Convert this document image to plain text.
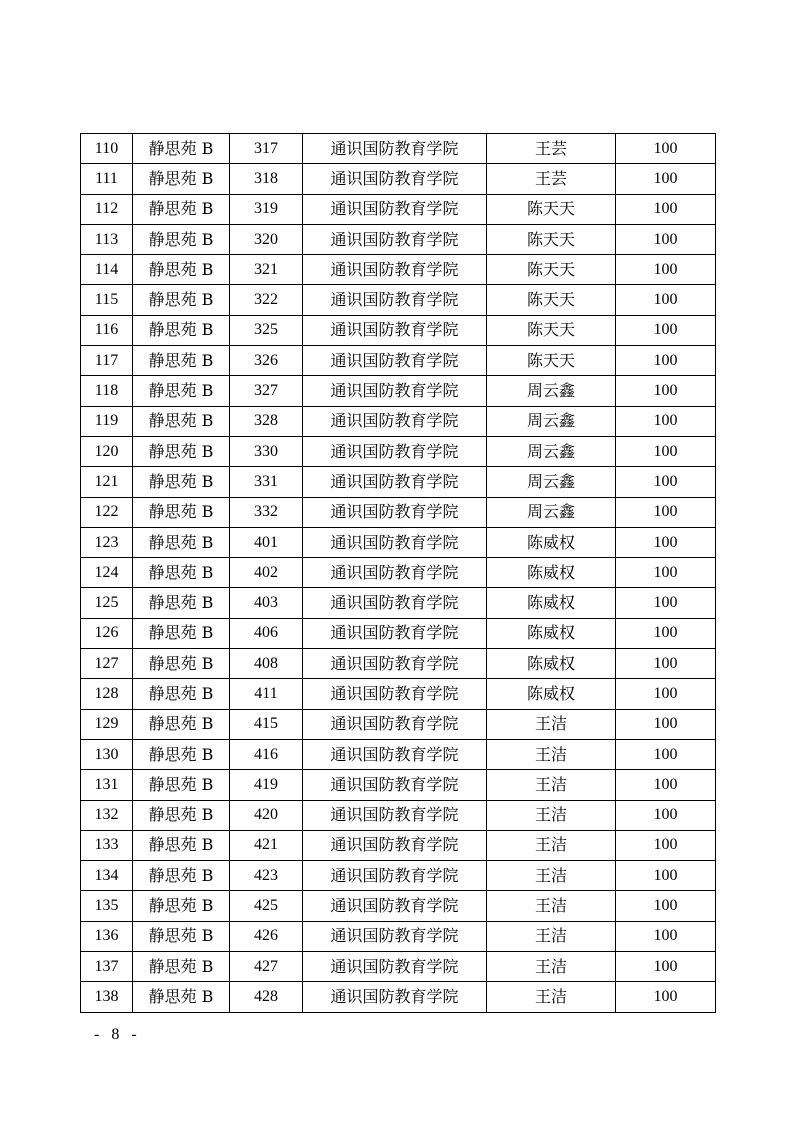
110	静思苑 B	317	通识国防教育学院	王芸	100
111	静思苑 B	318	通识国防教育学院	王芸	100
112	静思苑 B	319	通识国防教育学院	陈天天	100
113	静思苑 B	320	通识国防教育学院	陈天天	100
114	静思苑 B	321	通识国防教育学院	陈天天	100
115	静思苑 B	322	通识国防教育学院	陈天天	100
116	静思苑 B	325	通识国防教育学院	陈天天	100
117	静思苑 B	326	通识国防教育学院	陈天天	100
118	静思苑 B	327	通识国防教育学院	周云鑫	100
119	静思苑 B	328	通识国防教育学院	周云鑫	100
120	静思苑 B	330	通识国防教育学院	周云鑫	100
121	静思苑 B	331	通识国防教育学院	周云鑫	100
122	静思苑 B	332	通识国防教育学院	周云鑫	100
123	静思苑 B	401	通识国防教育学院	陈威权	100
124	静思苑 B	402	通识国防教育学院	陈威权	100
125	静思苑 B	403	通识国防教育学院	陈威权	100
126	静思苑 B	406	通识国防教育学院	陈威权	100
127	静思苑 B	408	通识国防教育学院	陈威权	100
128	静思苑 B	411	通识国防教育学院	陈威权	100
129	静思苑 B	415	通识国防教育学院	王洁	100
130	静思苑 B	416	通识国防教育学院	王洁	100
131	静思苑 B	419	通识国防教育学院	王洁	100
132	静思苑 B	420	通识国防教育学院	王洁	100
133	静思苑 B	421	通识国防教育学院	王洁	100
134	静思苑 B	423	通识国防教育学院	王洁	100
135	静思苑 B	425	通识国防教育学院	王洁	100
136	静思苑 B	426	通识国防教育学院	王洁	100
137	静思苑 B	427	通识国防教育学院	王洁	100
138	静思苑 B	428	通识国防教育学院	王洁	100
- 8 -
